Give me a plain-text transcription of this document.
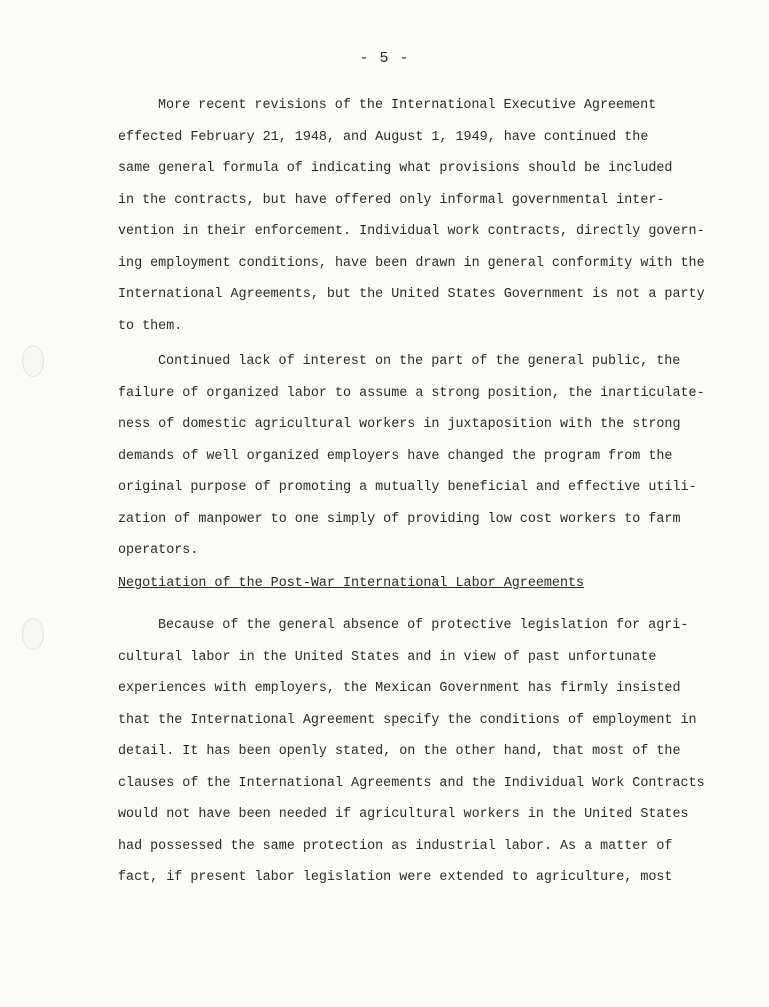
- 5 -
More recent revisions of the International Executive Agreement
effected February 21, 1948, and August 1, 1949, have continued the
same general formula of indicating what provisions should be included
in the contracts, but have offered only informal governmental inter-
vention in their enforcement. Individual work contracts, directly govern-
ing employment conditions, have been drawn in general conformity with the
International Agreements, but the United States Government is not a party
to them.
Continued lack of interest on the part of the general public, the
failure of organized labor to assume a strong position, the inarticulate-
ness of domestic agricultural workers in juxtaposition with the strong
demands of well organized employers have changed the program from the
original purpose of promoting a mutually beneficial and effective utili-
zation of manpower to one simply of providing low cost workers to farm
operators.
Negotiation of the Post-War International Labor Agreements
Because of the general absence of protective legislation for agri-
cultural labor in the United States and in view of past unfortunate
experiences with employers, the Mexican Government has firmly insisted
that the International Agreement specify the conditions of employment in
detail. It has been openly stated, on the other hand, that most of the
clauses of the International Agreements and the Individual Work Contracts
would not have been needed if agricultural workers in the United States
had possessed the same protection as industrial labor. As a matter of
fact, if present labor legislation were extended to agriculture, most
